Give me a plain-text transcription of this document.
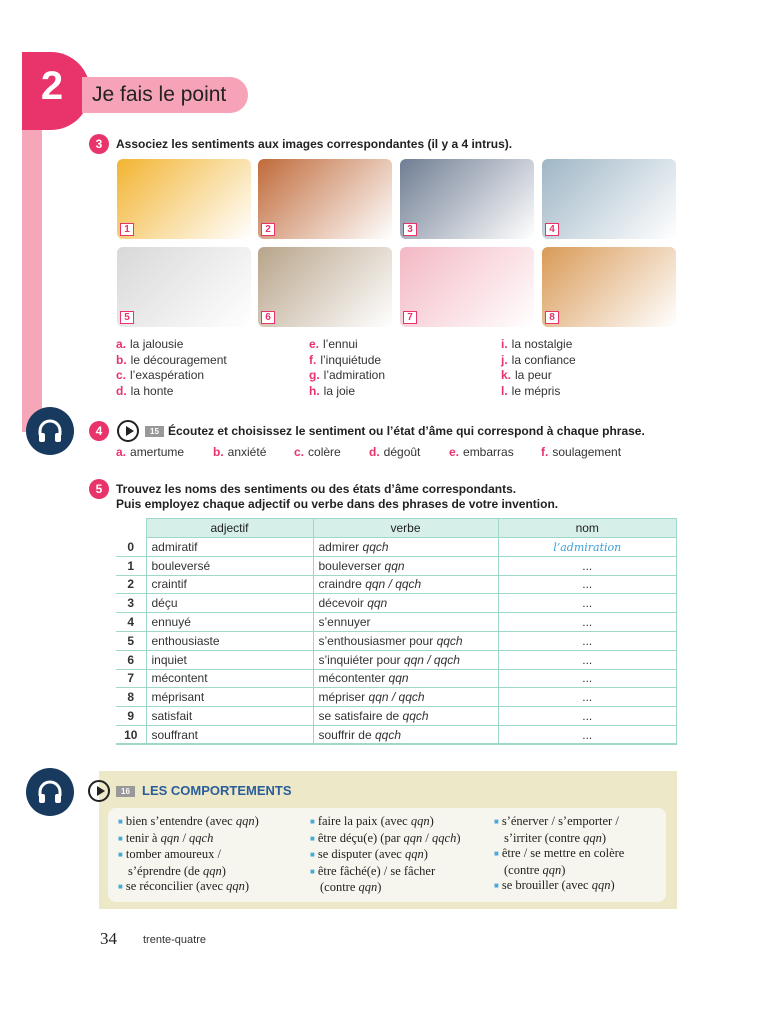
2	Je fais le point
3	Associez les sentiments aux images correspondantes (il y a 4 intrus).
1	2	3	4
5	6	7	8
a. la jalousie
b. le découragement
c. l’exaspération
d. la honte
e. l’ennui
f. l’inquiétude
g. l’admiration
h. la joie
i. la nostalgie
j. la confiance
k. la peur
l. le mépris
4	15 Écoutez et choisissez le sentiment ou l’état d’âme qui correspond à chaque phrase.
a. amertume b. anxiété c. colère d. dégoût e. embarras f. soulagement
5	Trouvez les noms des sentiments ou des états d’âme correspondants.
Puis employez chaque adjectif ou verbe dans des phrases de votre invention.
	adjectif	verbe	nom
0	admiratif	admirer qqch	l’admiration
1	bouleversé	bouleverser qqn	...
2	craintif	craindre qqn / qqch	...
3	déçu	décevoir qqn	...
4	ennuyé	s’ennuyer	...
5	enthousiaste	s’enthousiasmer pour qqch	...
6	inquiet	s’inquiéter pour qqn / qqch	...
7	mécontent	mécontenter qqn	...
8	méprisant	mépriser qqn / qqch	...
9	satisfait	se satisfaire de qqch	...
10	souffrant	souffrir de qqch	...
16 LES COMPORTEMENTS
■ bien s’entendre (avec qqn)
■ tenir à qqn / qqch
■ tomber amoureux /
s’éprendre (de qqn)
■ se réconcilier (avec qqn)
■ faire la paix (avec qqn)
■ être déçu(e) (par qqn / qqch)
■ se disputer (avec qqn)
■ être fâché(e) / se fâcher
(contre qqn)
■ s’énerver / s’emporter /
s’irriter (contre qqn)
■ être / se mettre en colère
(contre qqn)
■ se brouiller (avec qqn)
34 trente-quatre
